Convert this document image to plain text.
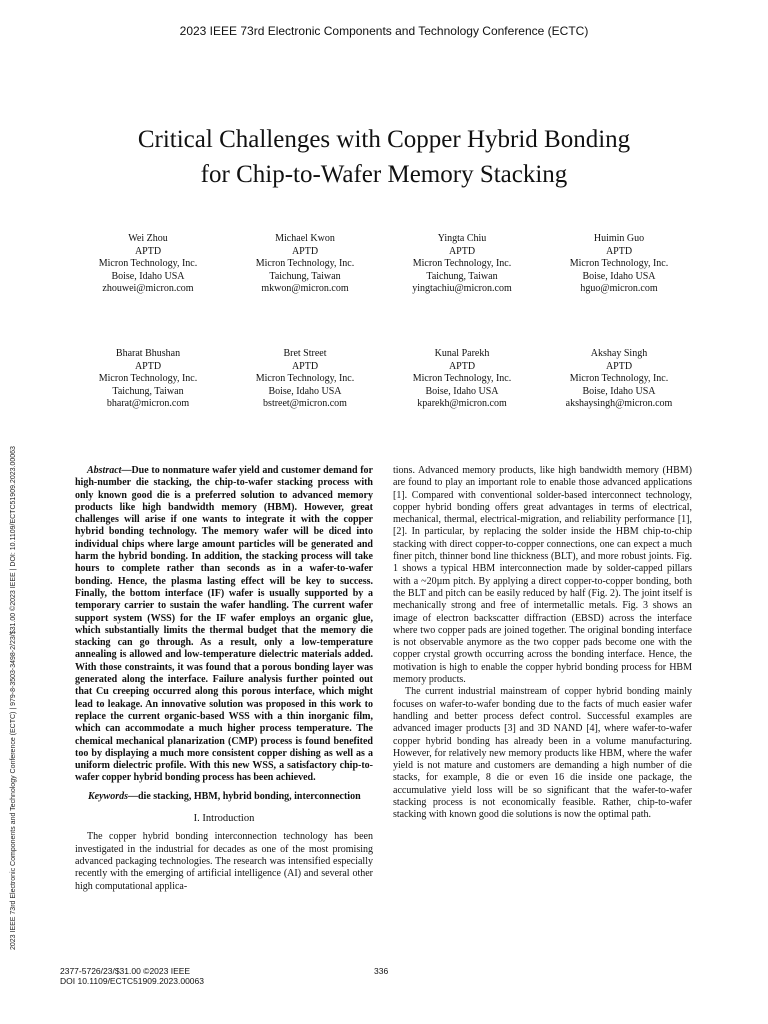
2023 IEEE 73rd Electronic Components and Technology Conference (ECTC)
Critical Challenges with Copper Hybrid Bonding
for Chip-to-Wafer Memory Stacking
Wei Zhou
APTD
Micron Technology, Inc.
Boise, Idaho USA
zhouwei@micron.com
Michael Kwon
APTD
Micron Technology, Inc.
Taichung, Taiwan
mkwon@micron.com
Yingta Chiu
APTD
Micron Technology, Inc.
Taichung, Taiwan
yingtachiu@micron.com
Huimin Guo
APTD
Micron Technology, Inc.
Boise, Idaho USA
hguo@micron.com
Bharat Bhushan
APTD
Micron Technology, Inc.
Taichung, Taiwan
bharat@micron.com
Bret Street
APTD
Micron Technology, Inc.
Boise, Idaho USA
bstreet@micron.com
Kunal Parekh
APTD
Micron Technology, Inc.
Boise, Idaho USA
kparekh@micron.com
Akshay Singh
APTD
Micron Technology, Inc.
Boise, Idaho USA
akshaysingh@micron.com
2023 IEEE 73rd Electronic Components and Technology Conference (ECTC) | 979-8-3503-3498-2/23/$31.00 ©2023 IEEE | DOI: 10.1109/ECTC51909.2023.00063	Abstract—Due to nonmature wafer yield and customer demand for high-number die stacking, the chip-to-wafer stacking process with only known good die is a preferred solution to advanced memory products like high bandwidth memory (HBM). However, great challenges will arise if one wants to integrate it with the copper hybrid bonding technology. The memory wafer will be diced into individual chips where large amount particles will be generated and harm the hybrid bonding. In addition, the stacking process will take hours to complete rather than seconds as in a wafer-to-wafer bonding. Hence, the plasma lasting effect will be key to success. Finally, the bottom interface (IF) wafer is usually supported by a temporary carrier to sustain the wafer handling. The current wafer support system (WSS) for the IF wafer employs an organic glue, which substantially limits the thermal budget that the memory die stacking can go through. As a result, only a low-temperature annealing is allowed and low-temperature dielectric materials added. With those constraints, it was found that a porous bonding layer was generated along the interface. Failure analysis further pointed out that Cu creeping occurred along this porous interface, which might lead to leakage. An innovative solution was proposed in this work to replace the current organic-based WSS with a thin inorganic film, which can accommodate a much higher process temperature. The chemical mechanical planarization (CMP) process is found benefited too by displaying a much more consistent copper dishing as well as a uniform dielectric profile. With this new WSS, a satisfactory chip-to-wafer copper hybrid bonding process has been achieved.

Keywords—die stacking, HBM, hybrid bonding, interconnection

I. Introduction

The copper hybrid bonding interconnection technology has been investigated in the industrial for decades as one of the most promising advanced packaging technologies. The research was intensified especially recently with the emerging of artificial intelligence (AI) and several other high computational applica-

tions. Advanced memory products, like high bandwidth memory (HBM) are found to play an important role to enable those advanced applications [1]. Compared with conventional solder-based interconnect technology, copper hybrid bonding offers great advantages in terms of electrical, mechanical, thermal, electrical-migration, and reliability performance [1], [2]. In particular, by replacing the solder inside the HBM chip-to-chip stacking with direct copper-to-copper connections, one can expect a much finer pitch, thinner bond line thickness (BLT), and more robust joints. Fig. 1 shows a typical HBM interconnection made by solder-capped pillars with a ~20µm pitch. By applying a direct copper-to-copper bonding, both the BLT and pitch can be easily reduced by half (Fig. 2). The joint itself is mechanically strong and free of intermetallic metals. Fig. 3 shows an image of electron backscatter diffraction (EBSD) across the interface where two copper pads are joined together. The original bonding interface is not observable anymore as the two copper pads become one with the copper crystal growth occurring across the bonding interface. Hence, the motivation is high to enable the copper hybrid bonding process for HBM memory products.

The current industrial mainstream of copper hybrid bonding mainly focuses on wafer-to-wafer bonding due to the facts of much easier wafer handling and better process defect control. Successful examples are advanced imager products [3] and 3D NAND [4], where wafer-to-wafer copper hybrid bonding has already been in a volume manufacturing. However, for relatively new memory products like HBM, where the wafer yield is not mature and customers are demanding a high number of die stacks, for example, 8 die or even 16 die inside one package, the accumulative yield loss will be so significant that the wafer-to-wafer stacking process is not economically feasible. Rather, chip-to-wafer stacking with known good die solutions is now the optimal path.

2377-5726/23/$31.00 ©2023 IEEE
DOI 10.1109/ECTC51909.2023.00063
336
